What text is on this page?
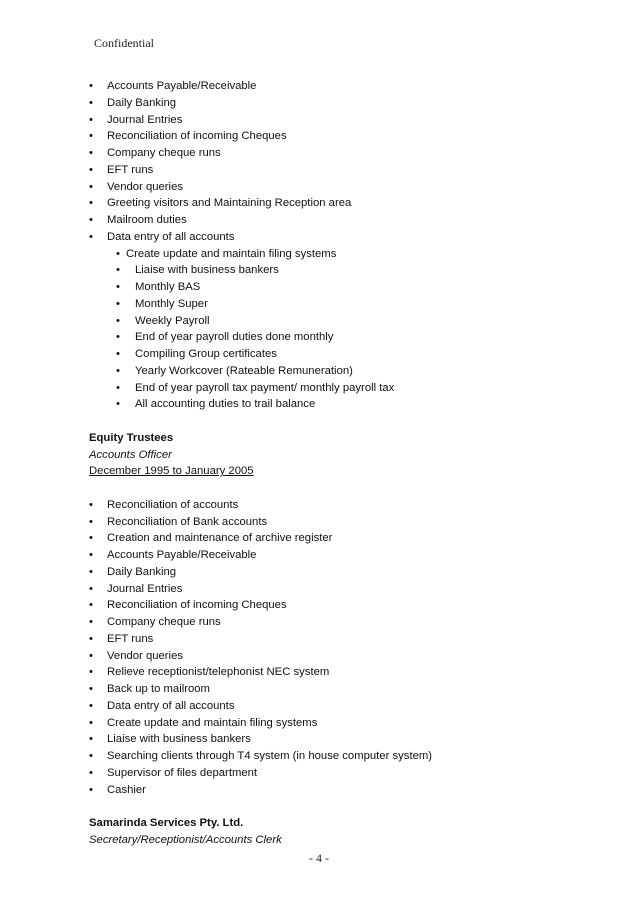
Confidential
• Accounts Payable/Receivable
• Daily Banking
• Journal Entries
• Reconciliation of incoming Cheques
• Company cheque runs
• EFT runs
• Vendor queries
• Greeting visitors and Maintaining Reception area
• Mailroom duties
• Data entry of all accounts
• Create update and maintain filing systems
• Liaise with business bankers
• Monthly BAS
• Monthly Super
• Weekly Payroll
• End of year payroll duties done monthly
• Compiling Group certificates
• Yearly Workcover (Rateable Remuneration)
• End of year payroll tax payment/ monthly payroll tax
• All accounting duties to trail balance
Equity Trustees
Accounts Officer
December 1995 to January 2005
• Reconciliation of accounts
• Reconciliation of Bank accounts
• Creation and maintenance of archive register
• Accounts Payable/Receivable
• Daily Banking
• Journal Entries
• Reconciliation of incoming Cheques
• Company cheque runs
• EFT runs
• Vendor queries
• Relieve receptionist/telephonist NEC system
• Back up to mailroom
• Data entry of all accounts
• Create update and maintain filing systems
• Liaise with business bankers
• Searching clients through T4 system (in house computer system)
• Supervisor of files department
• Cashier
Samarinda Services Pty. Ltd.
Secretary/Receptionist/Accounts Clerk
- 4 -
